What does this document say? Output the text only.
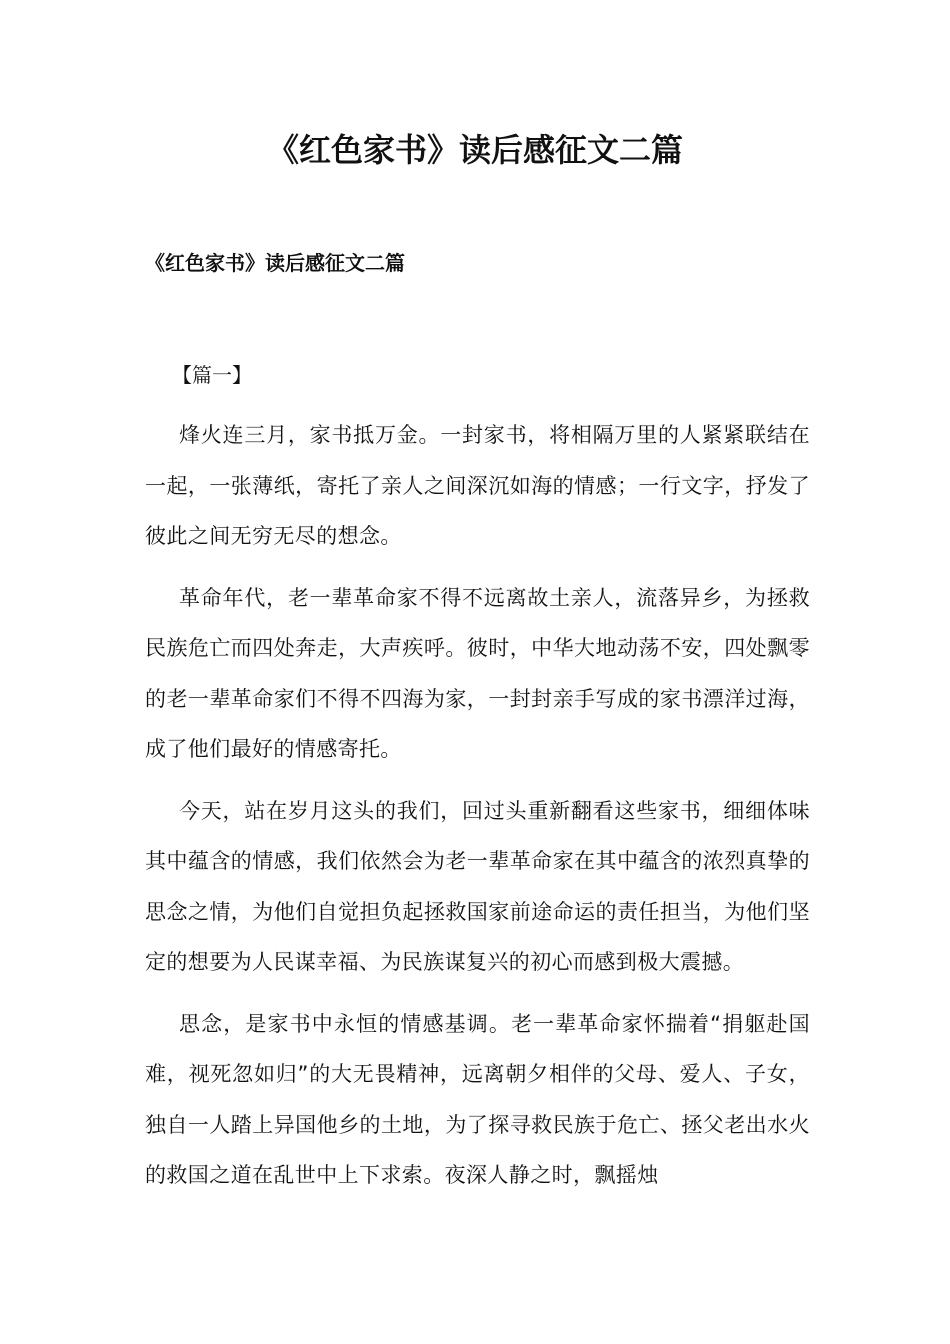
《红色家书》读后感征文二篇
《红色家书》读后感征文二篇

【篇一】

烽火连三月，家书抵万金。一封家书，将相隔万里的人紧紧联结在一起，一张薄纸，寄托了亲人之间深沉如海的情感；一行文字，抒发了彼此之间无穷无尽的想念。

革命年代，老一辈革命家不得不远离故土亲人，流落异乡，为拯救民族危亡而四处奔走，大声疾呼。彼时，中华大地动荡不安，四处飘零的老一辈革命家们不得不四海为家，一封封亲手写成的家书漂洋过海，成了他们最好的情感寄托。

今天，站在岁月这头的我们，回过头重新翻看这些家书，细细体味其中蕴含的情感，我们依然会为老一辈革命家在其中蕴含的浓烈真挚的思念之情，为他们自觉担负起拯救国家前途命运的责任担当，为他们坚定的想要为人民谋幸福、为民族谋复兴的初心而感到极大震撼。

思念，是家书中永恒的情感基调。老一辈革命家怀揣着“捐躯赴国难，视死忽如归”的大无畏精神，远离朝夕相伴的父母、爱人、子女，独自一人踏上异国他乡的土地，为了探寻救民族于危亡、拯父老出水火的救国之道在乱世中上下求索。夜深人静之时，飘摇烛
